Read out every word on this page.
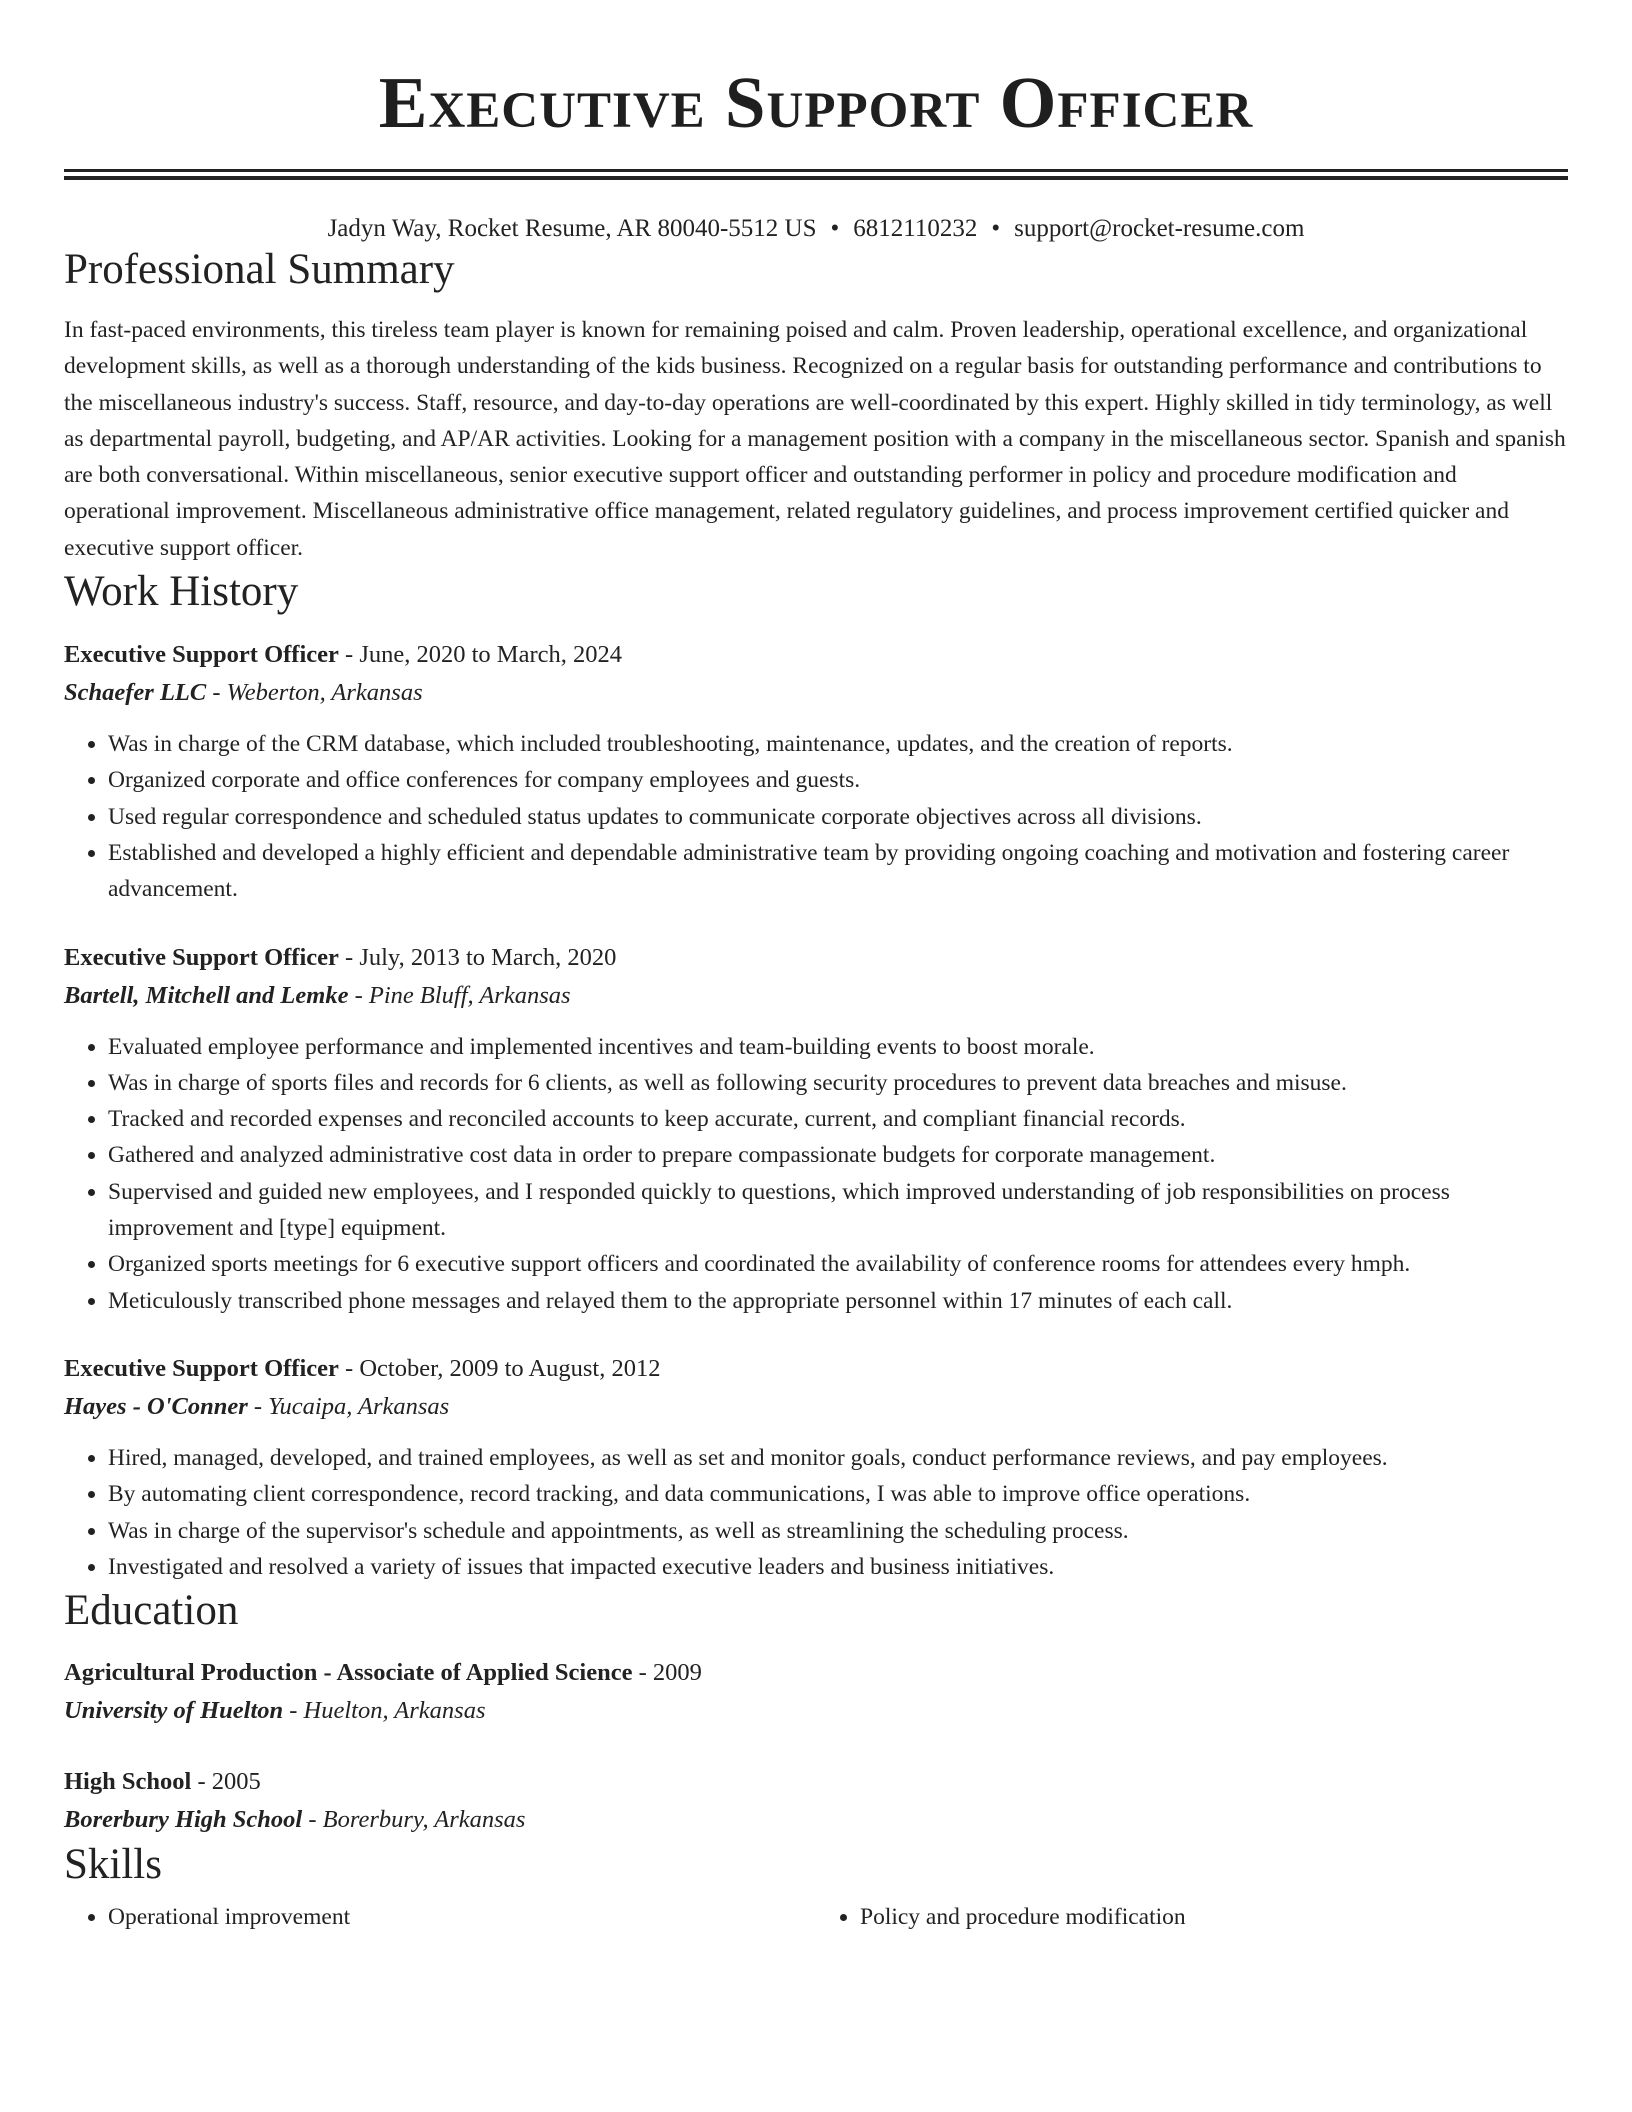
Executive Support Officer
Jadyn Way, Rocket Resume, AR 80040-5512 US • 6812110232 • support@rocket-resume.com
Professional Summary

In fast-paced environments, this tireless team player is known for remaining poised and calm. Proven leadership, operational excellence, and organizational development skills, as well as a thorough understanding of the kids business. Recognized on a regular basis for outstanding performance and contributions to the miscellaneous industry's success. Staff, resource, and day-to-day operations are well-coordinated by this expert. Highly skilled in tidy terminology, as well as departmental payroll, budgeting, and AP/AR activities. Looking for a management position with a company in the miscellaneous sector. Spanish and spanish are both conversational. Within miscellaneous, senior executive support officer and outstanding performer in policy and procedure modification and operational improvement. Miscellaneous administrative office management, related regulatory guidelines, and process improvement certified quicker and executive support officer.

Work History
Executive Support Officer - June, 2020 to March, 2024
Schaefer LLC - Weberton, Arkansas
• Was in charge of the CRM database, which included troubleshooting, maintenance, updates, and the creation of reports.
• Organized corporate and office conferences for company employees and guests.
• Used regular correspondence and scheduled status updates to communicate corporate objectives across all divisions.
• Established and developed a highly efficient and dependable administrative team by providing ongoing coaching and motivation and fostering career advancement.
Executive Support Officer - July, 2013 to March, 2020
Bartell, Mitchell and Lemke - Pine Bluff, Arkansas
• Evaluated employee performance and implemented incentives and team-building events to boost morale.
• Was in charge of sports files and records for 6 clients, as well as following security procedures to prevent data breaches and misuse.
• Tracked and recorded expenses and reconciled accounts to keep accurate, current, and compliant financial records.
• Gathered and analyzed administrative cost data in order to prepare compassionate budgets for corporate management.
• Supervised and guided new employees, and I responded quickly to questions, which improved understanding of job responsibilities on process improvement and [type] equipment.
• Organized sports meetings for 6 executive support officers and coordinated the availability of conference rooms for attendees every hmph.
• Meticulously transcribed phone messages and relayed them to the appropriate personnel within 17 minutes of each call.
Executive Support Officer - October, 2009 to August, 2012
Hayes - O'Conner - Yucaipa, Arkansas
• Hired, managed, developed, and trained employees, as well as set and monitor goals, conduct performance reviews, and pay employees.
• By automating client correspondence, record tracking, and data communications, I was able to improve office operations.
• Was in charge of the supervisor's schedule and appointments, as well as streamlining the scheduling process.
• Investigated and resolved a variety of issues that impacted executive leaders and business initiatives.
Education
Agricultural Production - Associate of Applied Science - 2009
University of Huelton - Huelton, Arkansas
High School - 2005
Borerbury High School - Borerbury, Arkansas
Skills
• Operational improvement
•	Policy and procedure modification
